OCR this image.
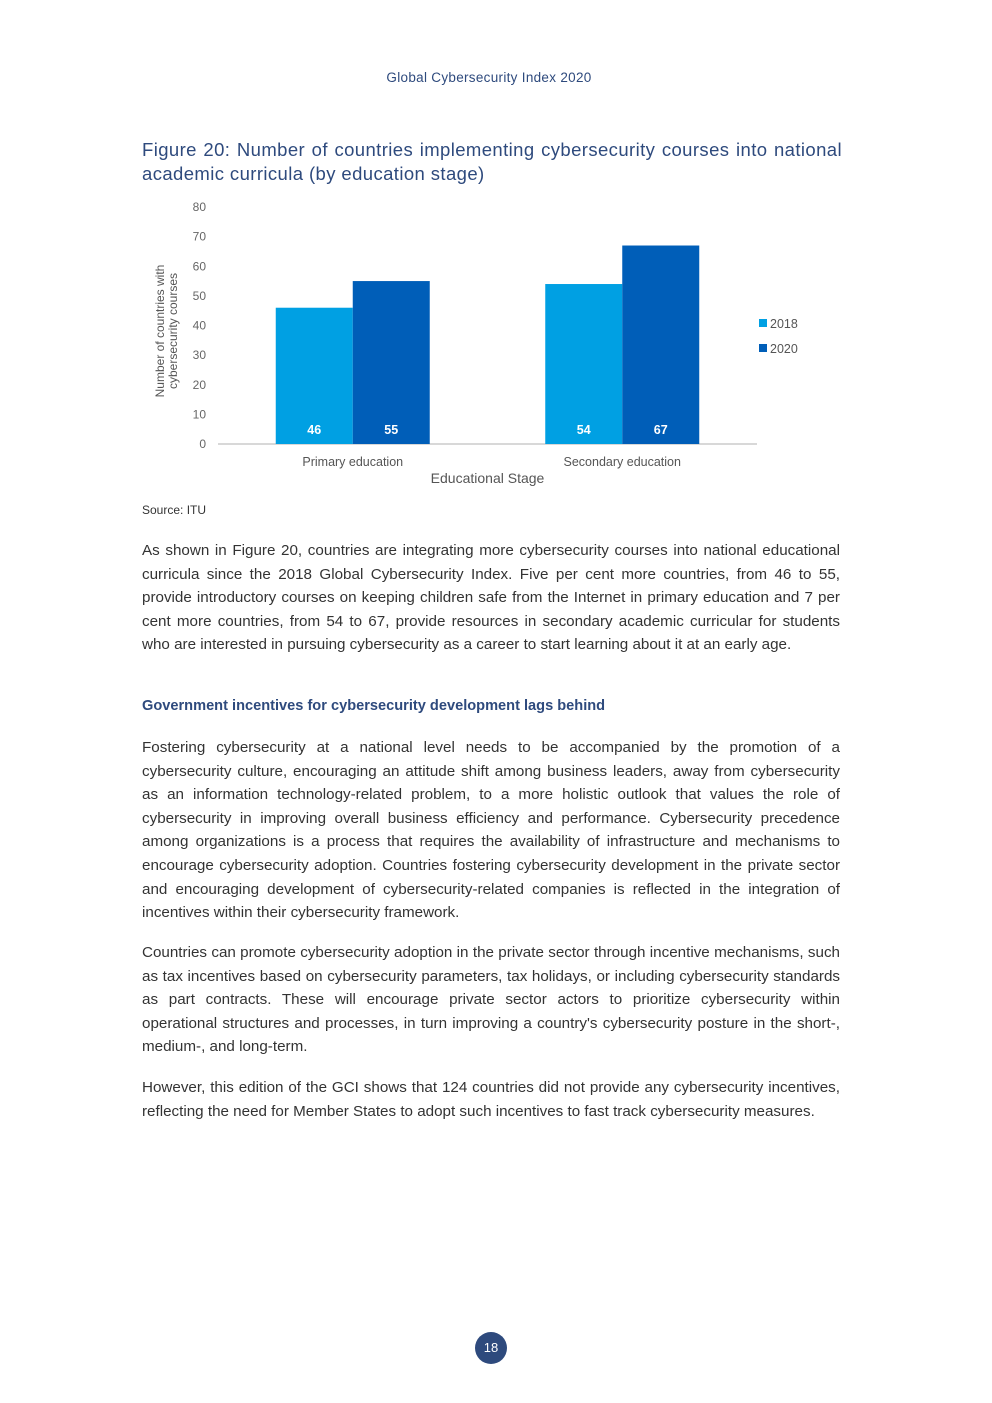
Global Cybersecurity Index 2020
Figure 20: Number of countries implementing cybersecurity courses into national academic curricula (by education stage)
0
10
20
30
40
50
60
70
80
Number of countries withcybersecurity courses
46	55
Primary education
54	67
Secondary education
Educational Stage
2018
2020
Source: ITU

As shown in Figure 20, countries are integrating more cybersecurity courses into national educational curricula since the 2018 Global Cybersecurity Index. Five per cent more countries, from 46 to 55, provide introductory courses on keeping children safe from the Internet in primary education and 7 per cent more countries, from 54 to 67, provide resources in secondary academic curricular for students who are interested in pursuing cybersecurity as a career to start learning about it at an early age.

Government incentives for cybersecurity development lags behind

Fostering cybersecurity at a national level needs to be accompanied by the promotion of a cybersecurity culture, encouraging an attitude shift among business leaders, away from cybersecurity as an information technology-related problem, to a more holistic outlook that values the role of cybersecurity in improving overall business efficiency and performance. Cybersecurity precedence among organizations is a process that requires the availability of infrastructure and mechanisms to encourage cybersecurity adoption. Countries fostering cybersecurity development in the private sector and encouraging development of cybersecurity-related companies is reflected in the integration of incentives within their cybersecurity framework.

Countries can promote cybersecurity adoption in the private sector through incentive mechanisms, such as tax incentives based on cybersecurity parameters, tax holidays, or including cybersecurity standards as part contracts. These will encourage private sector actors to prioritize cybersecurity within operational structures and processes, in turn improving a country's cybersecurity posture in the short-, medium-, and long-term.

However, this edition of the GCI shows that 124 countries did not provide any cybersecurity incentives, reflecting the need for Member States to adopt such incentives to fast track cybersecurity measures.

18
